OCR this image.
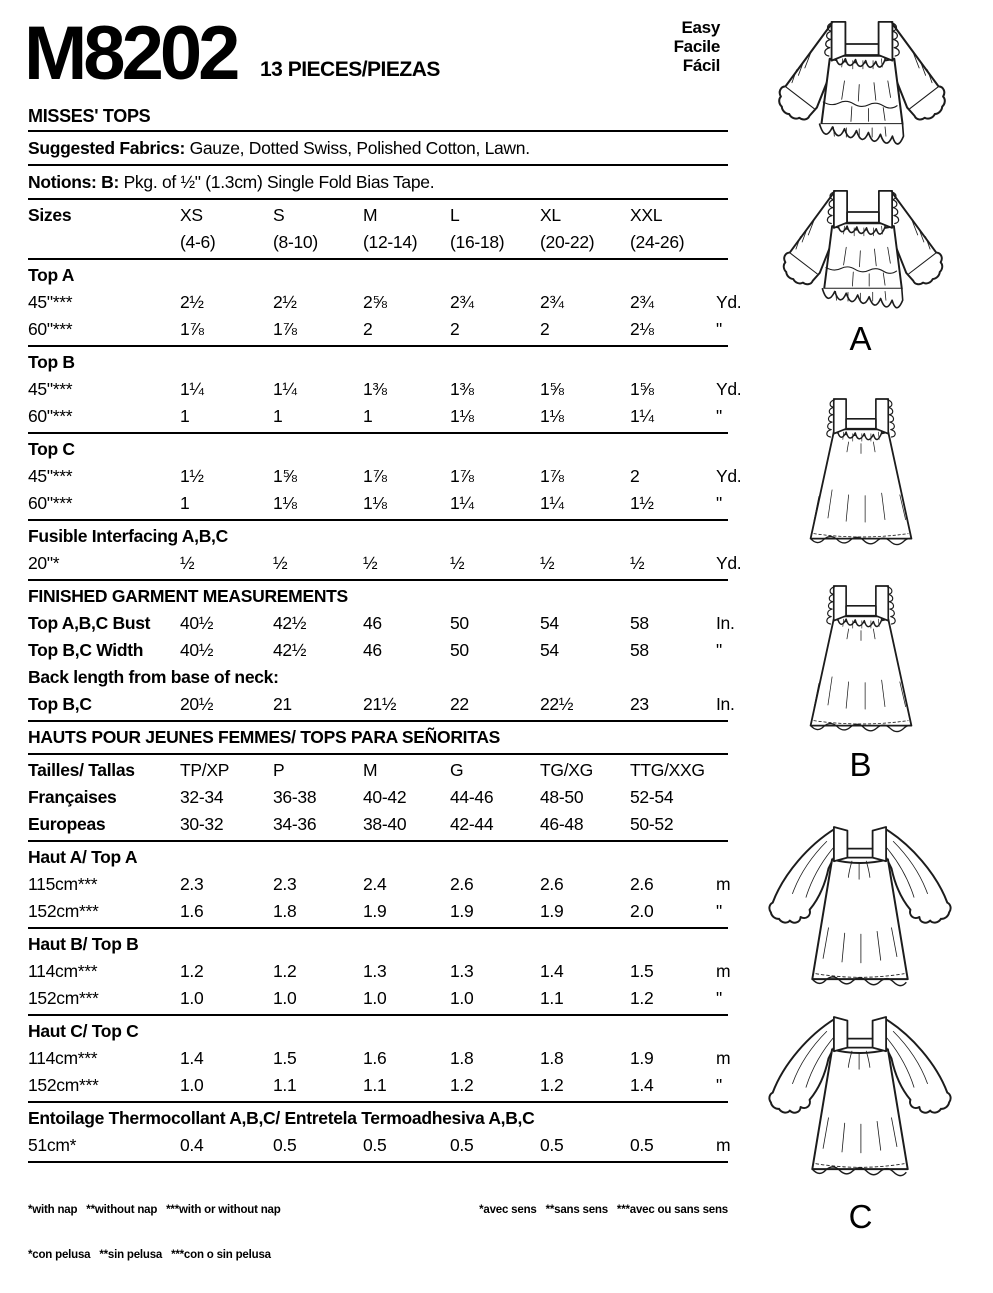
M8202 13 PIECES/PIEZAS
Easy
Facile
Fácil
MISSES' TOPS
Suggested Fabrics: Gauze, Dotted Swiss, Polished Cotton, Lawn.
Notions: B: Pkg. of ½" (1.3cm) Single Fold Bias Tape.
Sizes	XS	S	M	L	XL	XXL
(4-6)	(8-10)	(12-14)	(16-18)	(20-22)	(24-26)
Top A
45"***	2½	2½	2⅝	2¾	2¾	2¾	Yd.
60"***	1⅞	1⅞	2	2	2	2⅛	"
Top B
45"***	1¼	1¼	1⅜	1⅜	1⅝	1⅝	Yd.
60"***	1	1	1	1⅛	1⅛	1¼	"
Top C
45"***	1½	1⅝	1⅞	1⅞	1⅞	2	Yd.
60"***	1	1⅛	1⅛	1¼	1¼	1½	"
Fusible Interfacing A,B,C
20"*	½	½	½	½	½	½	Yd.
FINISHED GARMENT MEASUREMENTS
Top A,B,C Bust	40½	42½	46	50	54	58	In.
Top B,C Width	40½	42½	46	50	54	58	"
Back length from base of neck:
Top B,C	20½	21	21½	22	22½	23	In.
HAUTS POUR JEUNES FEMMES/ TOPS PARA SEÑORITAS
Tailles/ Tallas	TP/XP	P	M	G	TG/XG	TTG/XXG
Françaises	32-34	36-38	40-42	44-46	48-50	52-54
Europeas	30-32	34-36	38-40	42-44	46-48	50-52
Haut A/ Top A
115cm***	2.3	2.3	2.4	2.6	2.6	2.6	m
152cm***	1.6	1.8	1.9	1.9	1.9	2.0	"
Haut B/ Top B
114cm***	1.2	1.2	1.3	1.3	1.4	1.5	m
152cm***	1.0	1.0	1.0	1.0	1.1	1.2	"
Haut C/ Top C
114cm***	1.4	1.5	1.6	1.8	1.8	1.9	m
152cm***	1.0	1.1	1.1	1.2	1.2	1.4	"
Entoilage Thermocollant A,B,C/ Entretela Termoadhesiva A,B,C
51cm*	0.4	0.5	0.5	0.5	0.5	0.5	m

*with nap   **without nap   ***with or without nap	*avec sens   **sans sens   ***avec ou sans sens

*con pelusa   **sin pelusa   ***con o sin pelusa

A
B
C
